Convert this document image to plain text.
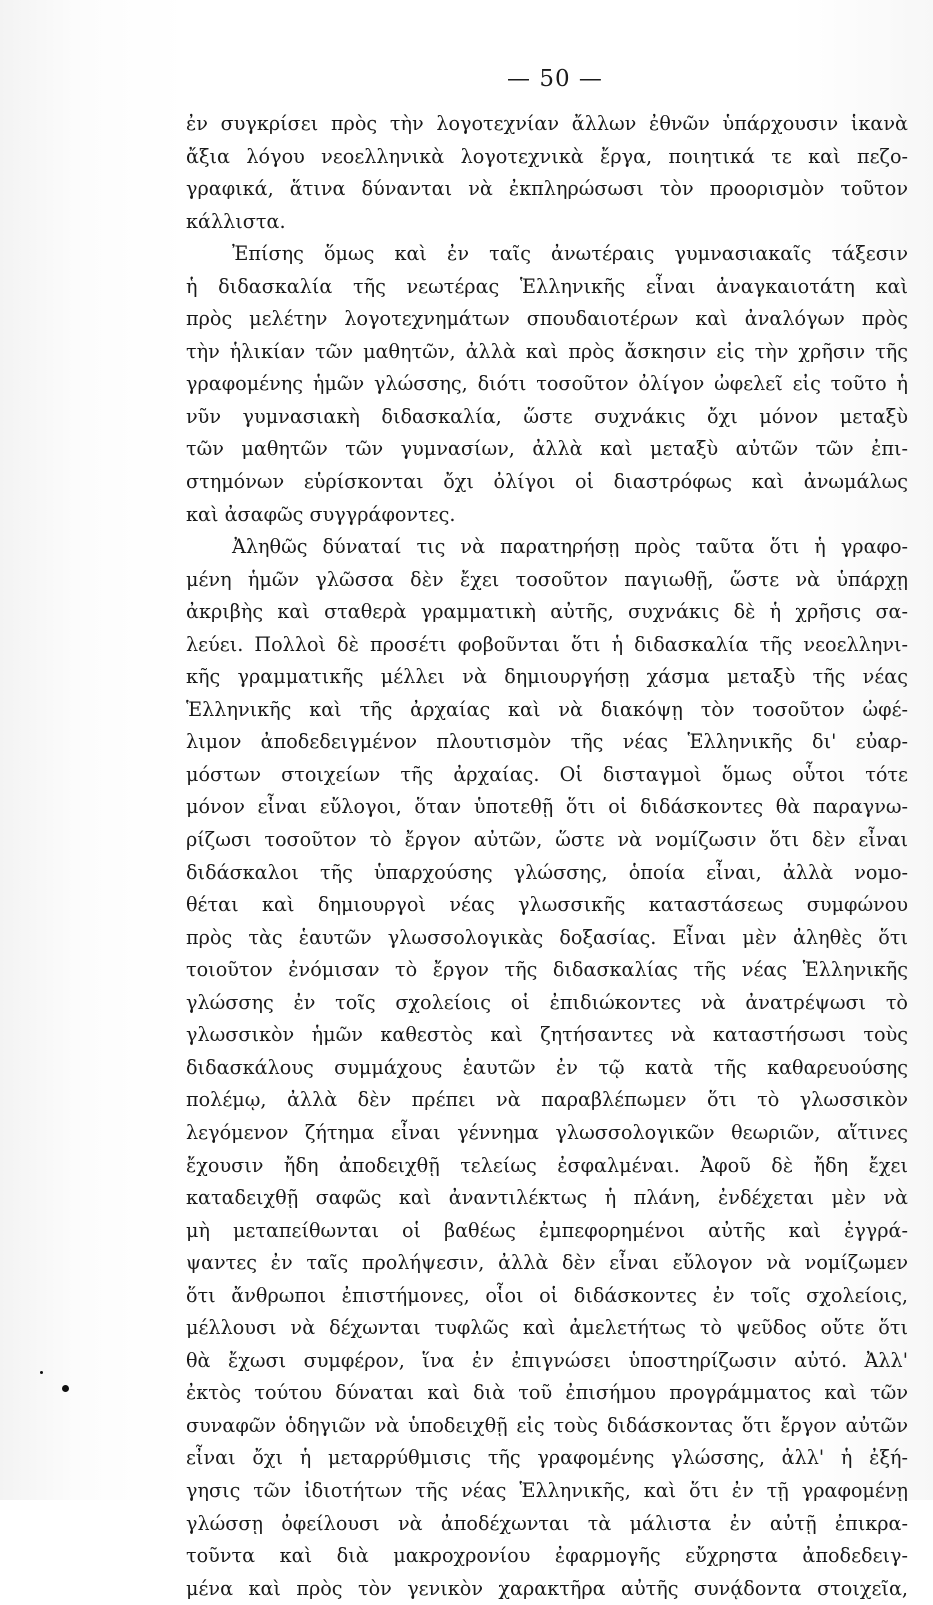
— 50 —
ἐν συγκρίσει πρὸς τὴν λογοτεχνίαν ἄλλων ἐθνῶν ὑπάρχουσιν ἱκανὰ
ἄξια λόγου νεοελληνικὰ λογοτεχνικὰ ἔργα, ποιητικά τε καὶ πεζο-
γραφικά, ἅτινα δύνανται νὰ ἐκπληρώσωσι τὸν προορισμὸν τοῦτον
κάλλιστα.
Ἐπίσης ὅμως καὶ ἐν ταῖς ἀνωτέραις γυμνασιακαῖς τάξεσιν
ἡ διδασκαλία τῆς νεωτέρας Ἑλληνικῆς εἶναι ἀναγκαιοτάτη καὶ
πρὸς μελέτην λογοτεχνημάτων σπουδαιοτέρων καὶ ἀναλόγων πρὸς
τὴν ἡλικίαν τῶν μαθητῶν, ἀλλὰ καὶ πρὸς ἄσκησιν εἰς τὴν χρῆσιν τῆς
γραφομένης ἡμῶν γλώσσης, διότι τοσοῦτον ὀλίγον ὠφελεῖ εἰς τοῦτο ἡ
νῦν γυμνασιακὴ διδασκαλία, ὥστε συχνάκις ὄχι μόνον μεταξὺ
τῶν μαθητῶν τῶν γυμνασίων, ἀλλὰ καὶ μεταξὺ αὐτῶν τῶν ἐπι-
στημόνων εὑρίσκονται ὄχι ὀλίγοι οἱ διαστρόφως καὶ ἀνωμάλως
καὶ ἀσαφῶς συγγράφοντες.
Ἀληθῶς δύναταί τις νὰ παρατηρήσῃ πρὸς ταῦτα ὅτι ἡ γραφο-
μένη ἡμῶν γλῶσσα δὲν ἔχει τοσοῦτον παγιωθῇ, ὥστε νὰ ὑπάρχῃ
ἀκριβὴς καὶ σταθερὰ γραμματικὴ αὐτῆς, συχνάκις δὲ ἡ χρῆσις σα-
λεύει. Πολλοὶ δὲ προσέτι φοβοῦνται ὅτι ἡ διδασκαλία τῆς νεοελληνι-
κῆς γραμματικῆς μέλλει νὰ δημιουργήσῃ χάσμα μεταξὺ τῆς νέας
Ἑλληνικῆς καὶ τῆς ἀρχαίας καὶ νὰ διακόψῃ τὸν τοσοῦτον ὠφέ-
λιμον ἀποδεδειγμένον πλουτισμὸν τῆς νέας Ἑλληνικῆς δι' εὐαρ-
μόστων στοιχείων τῆς ἀρχαίας. Οἱ δισταγμοὶ ὅμως οὗτοι τότε
μόνον εἶναι εὔλογοι, ὅταν ὑποτεθῇ ὅτι οἱ διδάσκοντες θὰ παραγνω-
ρίζωσι τοσοῦτον τὸ ἔργον αὐτῶν, ὥστε νὰ νομίζωσιν ὅτι δὲν εἶναι
διδάσκαλοι τῆς ὑπαρχούσης γλώσσης, ὁποία εἶναι, ἀλλὰ νομο-
θέται καὶ δημιουργοὶ νέας γλωσσικῆς καταστάσεως συμφώνου
πρὸς τὰς ἑαυτῶν γλωσσολογικὰς δοξασίας. Εἶναι μὲν ἀληθὲς ὅτι
τοιοῦτον ἐνόμισαν τὸ ἔργον τῆς διδασκαλίας τῆς νέας Ἑλληνικῆς
γλώσσης ἐν τοῖς σχολείοις οἱ ἐπιδιώκοντες νὰ ἀνατρέψωσι τὸ
γλωσσικὸν ἡμῶν καθεστὸς καὶ ζητήσαντες νὰ καταστήσωσι τοὺς
διδασκάλους συμμάχους ἑαυτῶν ἐν τῷ κατὰ τῆς καθαρευούσης
πολέμῳ, ἀλλὰ δὲν πρέπει νὰ παραβλέπωμεν ὅτι τὸ γλωσσικὸν
λεγόμενον ζήτημα εἶναι γέννημα γλωσσολογικῶν θεωριῶν, αἵτινες
ἔχουσιν ἤδη ἀποδειχθῇ τελείως ἐσφαλμέναι. Ἀφοῦ δὲ ἤδη ἔχει
καταδειχθῇ σαφῶς καὶ ἀναντιλέκτως ἡ πλάνη, ἐνδέχεται μὲν νὰ
μὴ μεταπείθωνται οἱ βαθέως ἐμπεφορημένοι αὐτῆς καὶ ἐγγρά-
ψαντες ἐν ταῖς προλήψεσιν, ἀλλὰ δὲν εἶναι εὔλογον νὰ νομίζωμεν
ὅτι ἄνθρωποι ἐπιστήμονες, οἷοι οἱ διδάσκοντες ἐν τοῖς σχολείοις,
μέλλουσι νὰ δέχωνται τυφλῶς καὶ ἀμελετήτως τὸ ψεῦδος οὔτε ὅτι
θὰ ἔχωσι συμφέρον, ἵνα ἐν ἐπιγνώσει ὑποστηρίζωσιν αὐτό. Ἀλλ'
ἐκτὸς τούτου δύναται καὶ διὰ τοῦ ἐπισήμου προγράμματος καὶ τῶν
συναφῶν ὁδηγιῶν νὰ ὑποδειχθῇ εἰς τοὺς διδάσκοντας ὅτι ἔργον αὐτῶν
εἶναι ὄχι ἡ μεταρρύθμισις τῆς γραφομένης γλώσσης, ἀλλ' ἡ ἐξή-
γησις τῶν ἰδιοτήτων τῆς νέας Ἑλληνικῆς, καὶ ὅτι ἐν τῇ γραφομένῃ
γλώσσῃ ὀφείλουσι νὰ ἀποδέχωνται τὰ μάλιστα ἐν αὐτῇ ἐπικρα-
τοῦντα καὶ διὰ μακροχρονίου ἐφαρμογῆς εὔχρηστα ἀποδεδειγ-
μένα καὶ πρὸς τὸν γενικὸν χαρακτῆρα αὐτῆς συνᾴδοντα στοιχεῖα,
